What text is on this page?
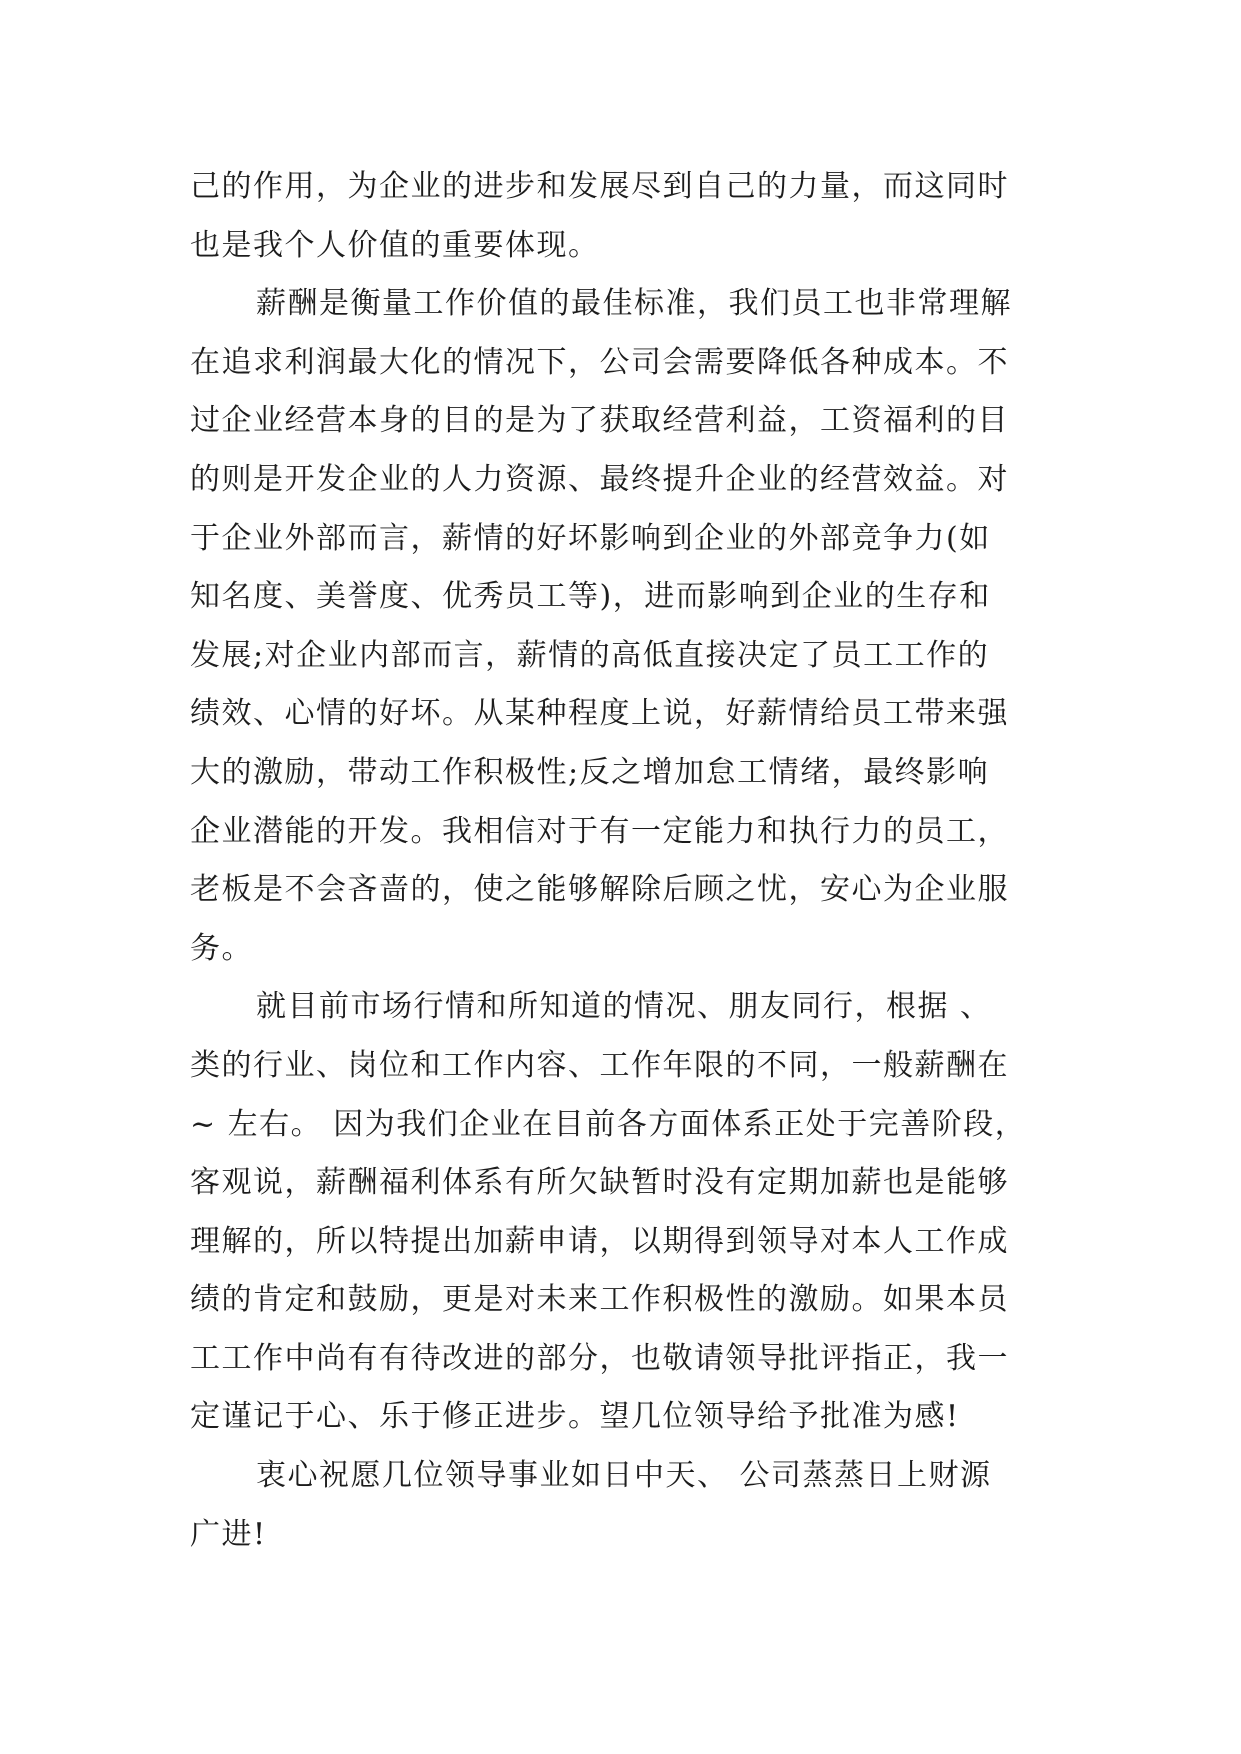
己的作用，为企业的进步和发展尽到自己的力量，而这同时
也是我个人价值的重要体现。
薪酬是衡量工作价值的最佳标准，我们员工也非常理解
在追求利润最大化的情况下，公司会需要降低各种成本。不
过企业经营本身的目的是为了获取经营利益，工资福利的目
的则是开发企业的人力资源、最终提升企业的经营效益。对
于企业外部而言，薪情的好坏影响到企业的外部竞争力(如
知名度、美誉度、优秀员工等)，进而影响到企业的生存和
发展;对企业内部而言，薪情的高低直接决定了员工工作的
绩效、心情的好坏。从某种程度上说，好薪情给员工带来强
大的激励，带动工作积极性;反之增加怠工情绪，最终影响
企业潜能的开发。我相信对于有一定能力和执行力的员工，
老板是不会吝啬的，使之能够解除后顾之忧，安心为企业服
务。
就目前市场行情和所知道的情况、朋友同行，根据 、
类的行业、岗位和工作内容、工作年限的不同，一般薪酬在
~ 左右。 因为我们企业在目前各方面体系正处于完善阶段，
客观说，薪酬福利体系有所欠缺暂时没有定期加薪也是能够
理解的，所以特提出加薪申请，以期得到领导对本人工作成
绩的肯定和鼓励，更是对未来工作积极性的激励。如果本员
工工作中尚有有待改进的部分，也敬请领导批评指正，我一
定谨记于心、乐于修正进步。望几位领导给予批准为感!
衷心祝愿几位领导事业如日中天、 公司蒸蒸日上财源
广进!
